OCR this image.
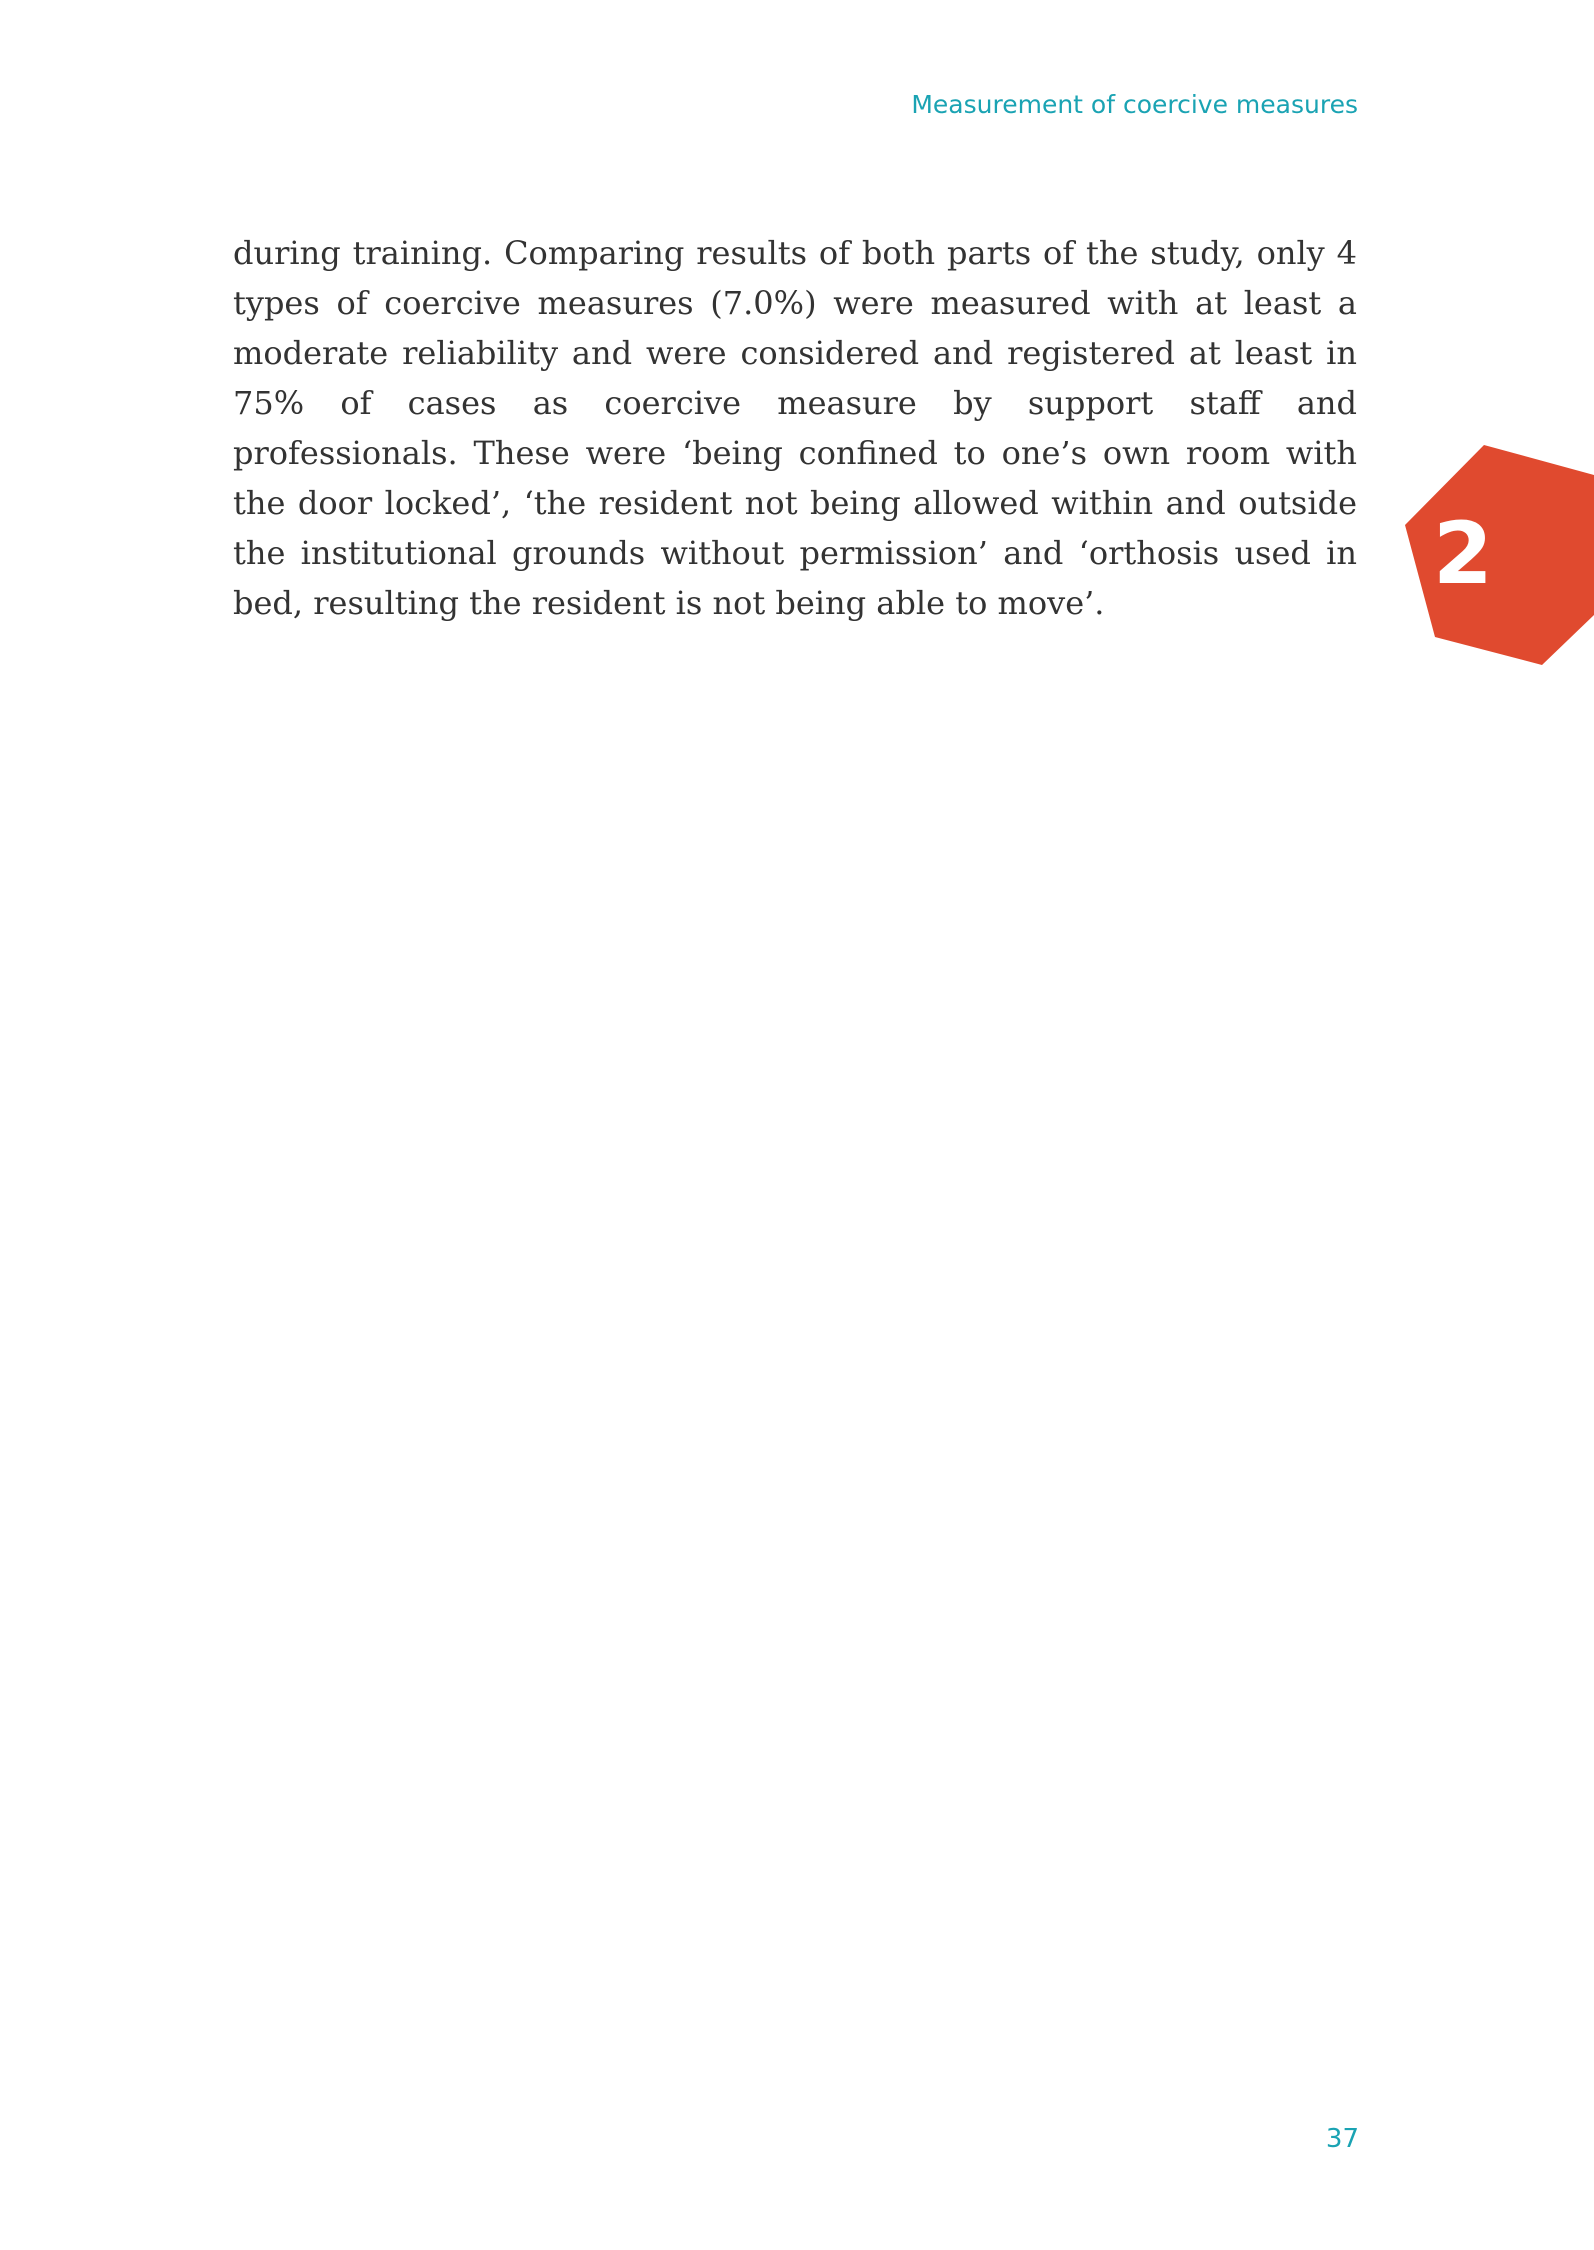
Measurement of coercive measures

during training. Comparing results of both parts of the study, only 4 types of coercive measures (7.0%) were measured with at least a moderate reliability and were considered and registered at least in 75% of cases as coercive measure by support staff and professionals. These were ‘being confined to one’s own room with the door locked’, ‘the resident not being allowed within and outside the institutional grounds without permission’ and ‘orthosis used in bed, resulting the resident is not being able to move’.	2
37
